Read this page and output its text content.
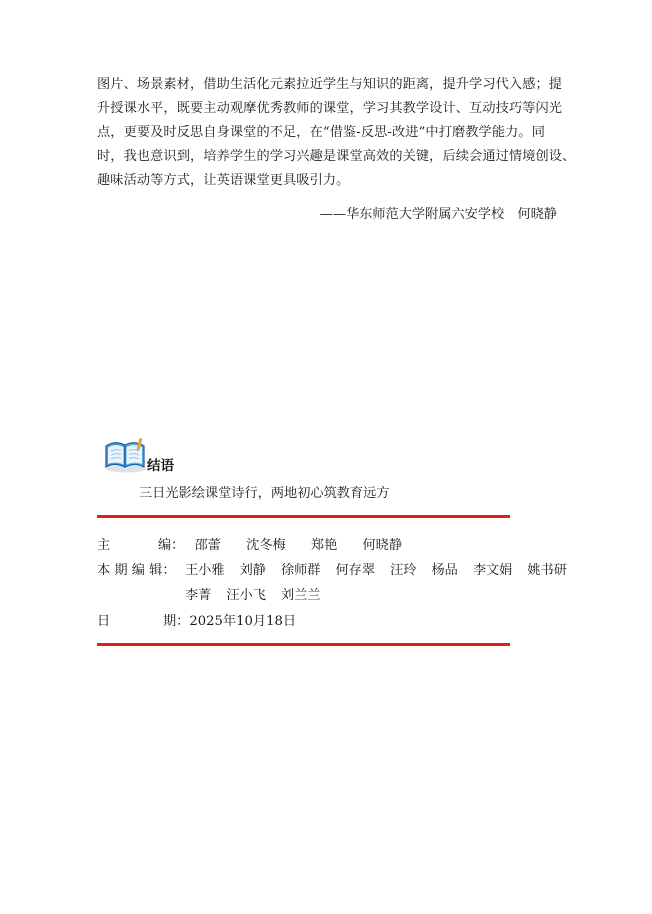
图片、场景素材，借助生活化元素拉近学生与知识的距离，提升学习代入感；提
升授课水平，既要主动观摩优秀教师的课堂，学习其教学设计、互动技巧等闪光
点，更要及时反思自身课堂的不足，在“借鉴-反思-改进”中打磨教学能力。同
时，我也意识到，培养学生的学习兴趣是课堂高效的关键，后续会通过情境创设、
趣味活动等方式，让英语课堂更具吸引力。

——华东师范大学附属六安学校　何晓静
结语
三日光影绘课堂诗行，两地初心筑教育远方
主	编： 邵蕾 沈冬梅 郑艳 何晓静
本 期 编 辑： 王小雅 刘静 徐师群 何存翠 汪玲 杨品 李文娟 姚书研
李菁 汪小飞 刘兰兰
日	期：2025年10月18日
